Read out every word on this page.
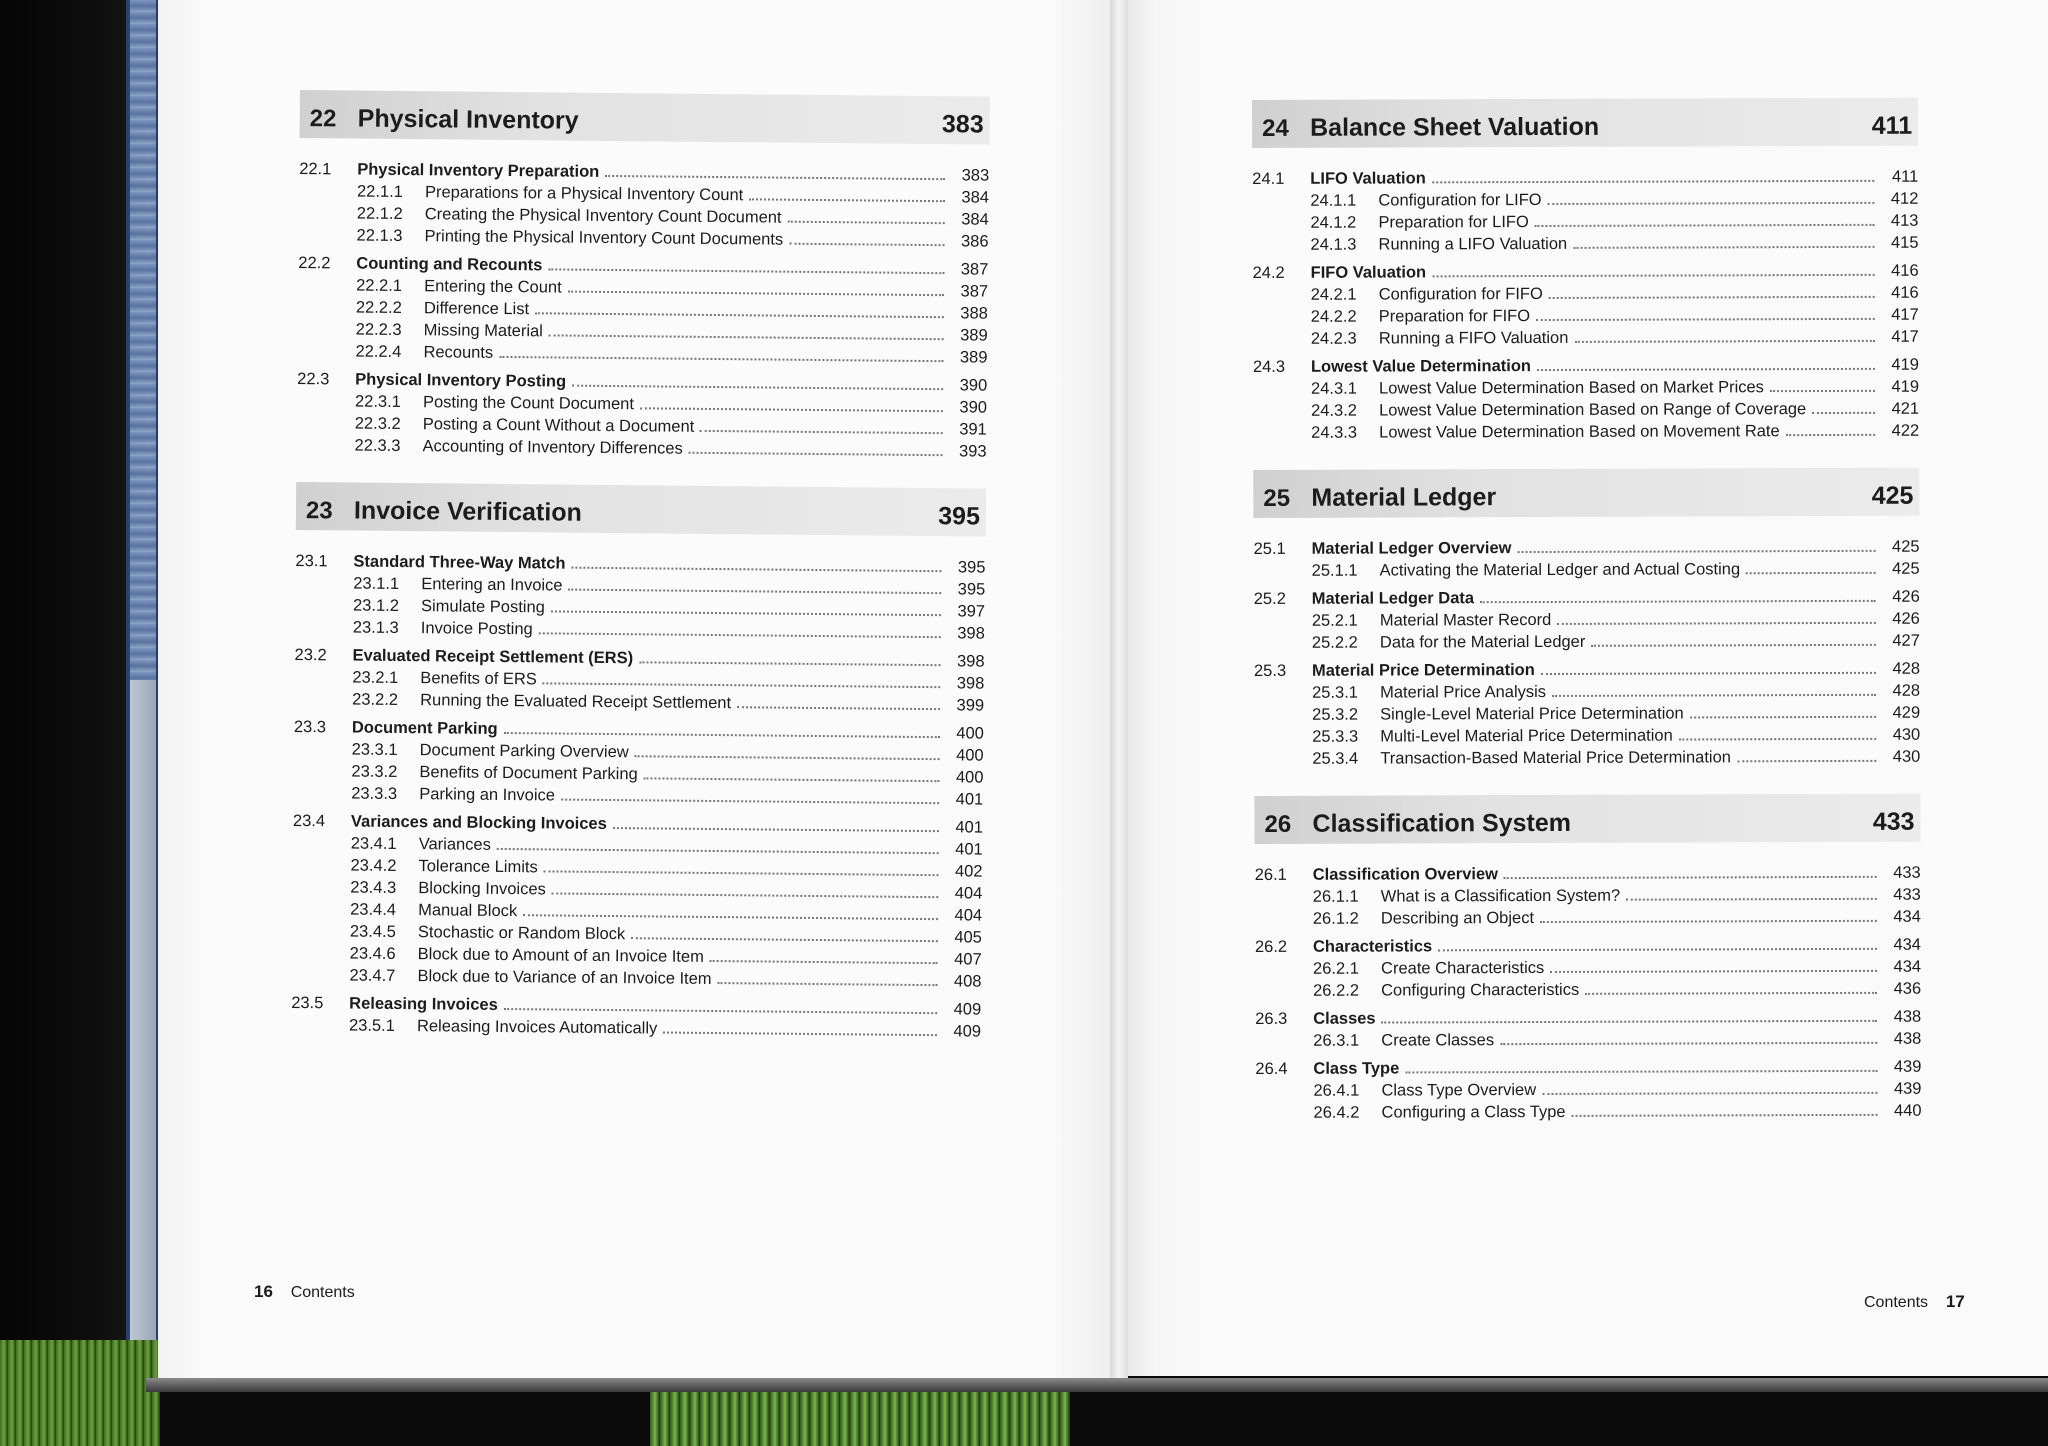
22 Physical Inventory	383
22.1	Physical Inventory Preparation	383
22.1.1	Preparations for a Physical Inventory Count	384
22.1.2	Creating the Physical Inventory Count Document	384
22.1.3	Printing the Physical Inventory Count Documents	386
22.2	Counting and Recounts	387
22.2.1	Entering the Count	387
22.2.2	Difference List	388
22.2.3	Missing Material	389
22.2.4	Recounts	389
22.3	Physical Inventory Posting	390
22.3.1	Posting the Count Document	390
22.3.2	Posting a Count Without a Document	391
22.3.3	Accounting of Inventory Differences	393
23 Invoice Verification	395
23.1	Standard Three-Way Match	395
23.1.1	Entering an Invoice	395
23.1.2	Simulate Posting	397
23.1.3	Invoice Posting	398
23.2	Evaluated Receipt Settlement (ERS)	398
23.2.1	Benefits of ERS	398
23.2.2	Running the Evaluated Receipt Settlement	399
23.3	Document Parking	400
23.3.1	Document Parking Overview	400
23.3.2	Benefits of Document Parking	400
23.3.3	Parking an Invoice	401
23.4	Variances and Blocking Invoices	401
23.4.1	Variances	401
23.4.2	Tolerance Limits	402
23.4.3	Blocking Invoices	404
23.4.4	Manual Block	404
23.4.5	Stochastic or Random Block	405
23.4.6	Block due to Amount of an Invoice Item	407
23.4.7	Block due to Variance of an Invoice Item	408
23.5	Releasing Invoices	409
23.5.1	Releasing Invoices Automatically	409
24 Balance Sheet Valuation	411
24.1	LIFO Valuation	411
24.1.1	Configuration for LIFO	412
24.1.2	Preparation for LIFO	413
24.1.3	Running a LIFO Valuation	415
24.2	FIFO Valuation	416
24.2.1	Configuration for FIFO	416
24.2.2	Preparation for FIFO	417
24.2.3	Running a FIFO Valuation	417
24.3	Lowest Value Determination	419
24.3.1	Lowest Value Determination Based on Market Prices	419
24.3.2	Lowest Value Determination Based on Range of Coverage	421
24.3.3	Lowest Value Determination Based on Movement Rate	422
25 Material Ledger	425
25.1	Material Ledger Overview	425
25.1.1	Activating the Material Ledger and Actual Costing	425
25.2	Material Ledger Data	426
25.2.1	Material Master Record	426
25.2.2	Data for the Material Ledger	427
25.3	Material Price Determination	428
25.3.1	Material Price Analysis	428
25.3.2	Single-Level Material Price Determination	429
25.3.3	Multi-Level Material Price Determination	430
25.3.4	Transaction-Based Material Price Determination	430
26 Classification System	433
26.1	Classification Overview	433
26.1.1	What is a Classification System?	433
26.1.2	Describing an Object	434
26.2	Characteristics	434
26.2.1	Create Characteristics	434
26.2.2	Configuring Characteristics	436
26.3	Classes	438
26.3.1	Create Classes	438
26.4	Class Type	439
26.4.1	Class Type Overview	439
26.4.2	Configuring a Class Type	440
16 Contents
Contents 17
